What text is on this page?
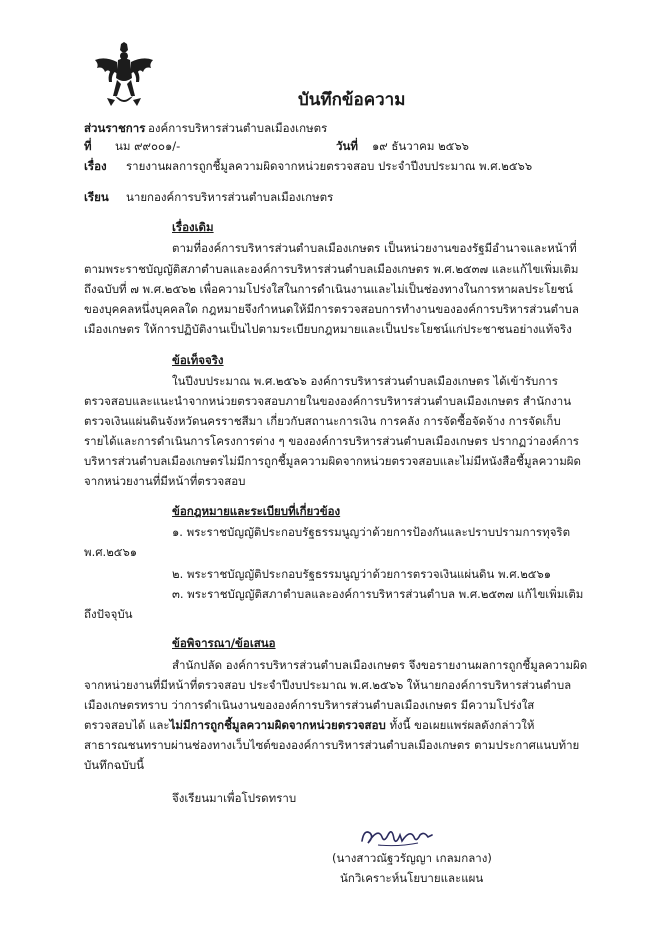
บันทึกข้อความ
ส่วนราชการ องค์การบริหารส่วนตำบลเมืองเกษตร
ที่ นม ๙๙๐๐๑/-	วันที่ ๑๙ ธันวาคม ๒๕๖๖
เรื่อง รายงานผลการถูกชี้มูลความผิดจากหน่วยตรวจสอบ ประจำปีงบประมาณ พ.ศ.๒๕๖๖
เรียน นายกองค์การบริหารส่วนตำบลเมืองเกษตร
เรื่องเดิม
ตามที่องค์การบริหารส่วนตำบลเมืองเกษตร เป็นหน่วยงานของรัฐมีอำนาจและหน้าที่
ตามพระราชบัญญัติสภาตำบลและองค์การบริหารส่วนตำบลเมืองเกษตร พ.ศ.๒๕๓๗ และแก้ไขเพิ่มเติม
ถึงฉบับที่ ๗ พ.ศ.๒๕๖๒ เพื่อความโปร่งใสในการดำเนินงานและไม่เป็นช่องทางในการหาผลประโยชน์
ของบุคคลหนึ่งบุคคลใด กฎหมายจึงกำหนดให้มีการตรวจสอบการทำงานขององค์การบริหารส่วนตำบล
เมืองเกษตร ให้การปฏิบัติงานเป็นไปตามระเบียบกฎหมายและเป็นประโยชน์แก่ประชาชนอย่างแท้จริง
ข้อเท็จจริง
ในปีงบประมาณ พ.ศ.๒๕๖๖ องค์การบริหารส่วนตำบลเมืองเกษตร ได้เข้ารับการ
ตรวจสอบและแนะนำจากหน่วยตรวจสอบภายในขององค์การบริหารส่วนตำบลเมืองเกษตร สำนักงาน
ตรวจเงินแผ่นดินจังหวัดนครราชสีมา เกี่ยวกับสถานะการเงิน การคลัง การจัดซื้อจัดจ้าง การจัดเก็บ
รายได้และการดำเนินการโครงการต่าง ๆ ขององค์การบริหารส่วนตำบลเมืองเกษตร ปรากฏว่าองค์การ
บริหารส่วนตำบลเมืองเกษตรไม่มีการถูกชี้มูลความผิดจากหน่วยตรวจสอบและไม่มีหนังสือชี้มูลความผิด
จากหน่วยงานที่มีหน้าที่ตรวจสอบ
ข้อกฎหมายและระเบียบที่เกี่ยวข้อง
๑. พระราชบัญญัติประกอบรัฐธรรมนูญว่าด้วยการป้องกันและปราบปรามการทุจริต
พ.ศ.๒๕๖๑
๒. พระราชบัญญัติประกอบรัฐธรรมนูญว่าด้วยการตรวจเงินแผ่นดิน พ.ศ.๒๕๖๑
๓. พระราชบัญญัติสภาตำบลและองค์การบริหารส่วนตำบล พ.ศ.๒๕๓๗ แก้ไขเพิ่มเติม
ถึงปัจจุบัน
ข้อพิจารณา/ข้อเสนอ
สำนักปลัด องค์การบริหารส่วนตำบลเมืองเกษตร จึงขอรายงานผลการถูกชี้มูลความผิด
จากหน่วยงานที่มีหน้าที่ตรวจสอบ ประจำปีงบประมาณ พ.ศ.๒๕๖๖ ให้นายกองค์การบริหารส่วนตำบล
เมืองเกษตรทราบ ว่าการดำเนินงานขององค์การบริหารส่วนตำบลเมืองเกษตร มีความโปร่งใส
ตรวจสอบได้ และไม่มีการถูกชี้มูลความผิดจากหน่วยตรวจสอบ ทั้งนี้ ขอเผยแพร่ผลดังกล่าวให้
สาธารณชนทราบผ่านช่องทางเว็บไซต์ขององค์การบริหารส่วนตำบลเมืองเกษตร ตามประกาศแนบท้าย
บันทึกฉบับนี้
จึงเรียนมาเพื่อโปรดทราบ
(นางสาวณัฐวรัญญา เกลมกลาง)
นักวิเคราะห์นโยบายและแผน
